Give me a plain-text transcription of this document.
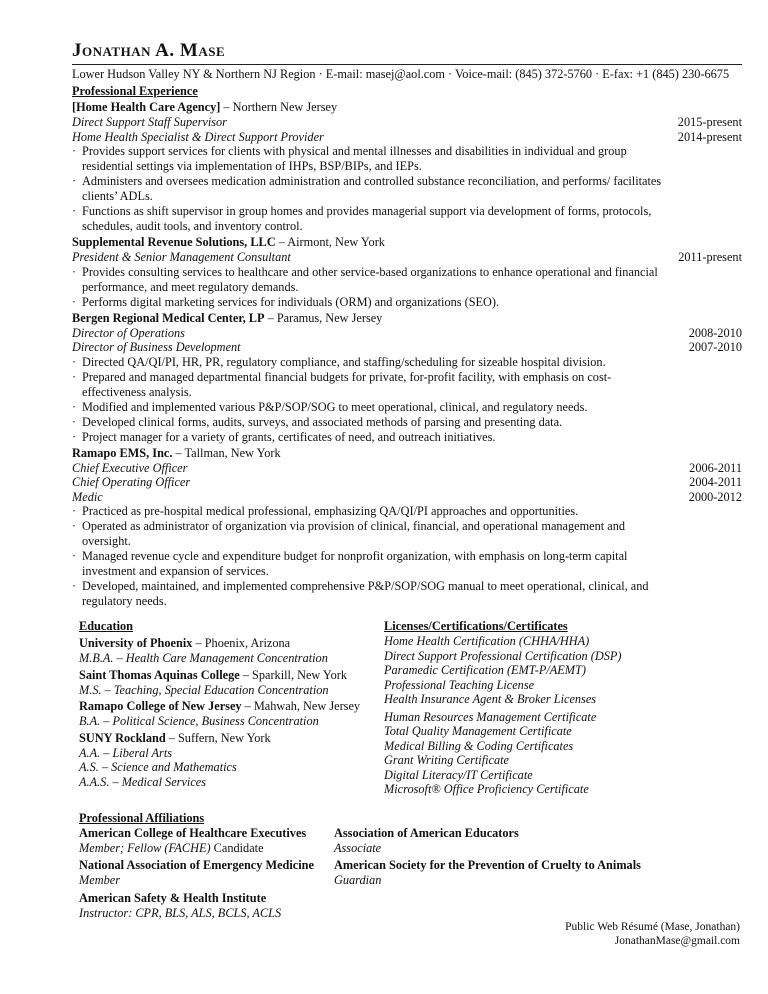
Jonathan A. Mase
Lower Hudson Valley NY & Northern NJ Region · E-mail: masej@aol.com · Voice-mail: (845) 372-5760 · E-fax: +1 (845) 230-6675
Professional Experience
[Home Health Care Agency] – Northern New Jersey
Direct Support Staff Supervisor	2015-present
Home Health Specialist & Direct Support Provider	2014-present
· Provides support services for clients with physical and mental illnesses and disabilities in individual and group residential settings via implementation of IHPs, BSP/BIPs, and IEPs.
· Administers and oversees medication administration and controlled substance reconciliation, and performs/ facilitates clients’ ADLs.
· Functions as shift supervisor in group homes and provides managerial support via development of forms, protocols, schedules, audit tools, and inventory control.
Supplemental Revenue Solutions, LLC – Airmont, New York
President & Senior Management Consultant	2011-present
· Provides consulting services to healthcare and other service-based organizations to enhance operational and financial performance, and meet regulatory demands.
· Performs digital marketing services for individuals (ORM) and organizations (SEO).
Bergen Regional Medical Center, LP – Paramus, New Jersey
Director of Operations	2008-2010
Director of Business Development	2007-2010
· Directed QA/QI/PI, HR, PR, regulatory compliance, and staffing/scheduling for sizeable hospital division.
· Prepared and managed departmental financial budgets for private, for-profit facility, with emphasis on cost-effectiveness analysis.
· Modified and implemented various P&P/SOP/SOG to meet operational, clinical, and regulatory needs.
· Developed clinical forms, audits, surveys, and associated methods of parsing and presenting data.
· Project manager for a variety of grants, certificates of need, and outreach initiatives.
Ramapo EMS, Inc. – Tallman, New York
Chief Executive Officer	2006-2011
Chief Operating Officer	2004-2011
Medic	2000-2012
· Practiced as pre-hospital medical professional, emphasizing QA/QI/PI approaches and opportunities.
· Operated as administrator of organization via provision of clinical, financial, and operational management and oversight.
· Managed revenue cycle and expenditure budget for nonprofit organization, with emphasis on long-term capital investment and expansion of services.
· Developed, maintained, and implemented comprehensive P&P/SOP/SOG manual to meet operational, clinical, and regulatory needs.
Education
University of Phoenix – Phoenix, Arizona
M.B.A. – Health Care Management Concentration
Saint Thomas Aquinas College – Sparkill, New York
M.S. – Teaching, Special Education Concentration
Ramapo College of New Jersey – Mahwah, New Jersey
B.A. – Political Science, Business Concentration
SUNY Rockland – Suffern, New York
A.A. – Liberal Arts
A.S. – Science and Mathematics
A.A.S. – Medical Services
Licenses/Certifications/Certificates
Home Health Certification (CHHA/HHA)
Direct Support Professional Certification (DSP)
Paramedic Certification (EMT-P/AEMT)
Professional Teaching License
Health Insurance Agent & Broker Licenses
Human Resources Management Certificate
Total Quality Management Certificate
Medical Billing & Coding Certificates
Grant Writing Certificate
Digital Literacy/IT Certificate
Microsoft® Office Proficiency Certificate
Professional Affiliations
American College of Healthcare Executives
Member; Fellow (FACHE) Candidate
Association of American Educators
Associate
National Association of Emergency Medicine
Member
American Society for the Prevention of Cruelty to Animals
Guardian
American Safety & Health Institute
Instructor: CPR, BLS, ALS, BCLS, ACLS
Public Web Résumé (Mase, Jonathan)
JonathanMase@gmail.com
